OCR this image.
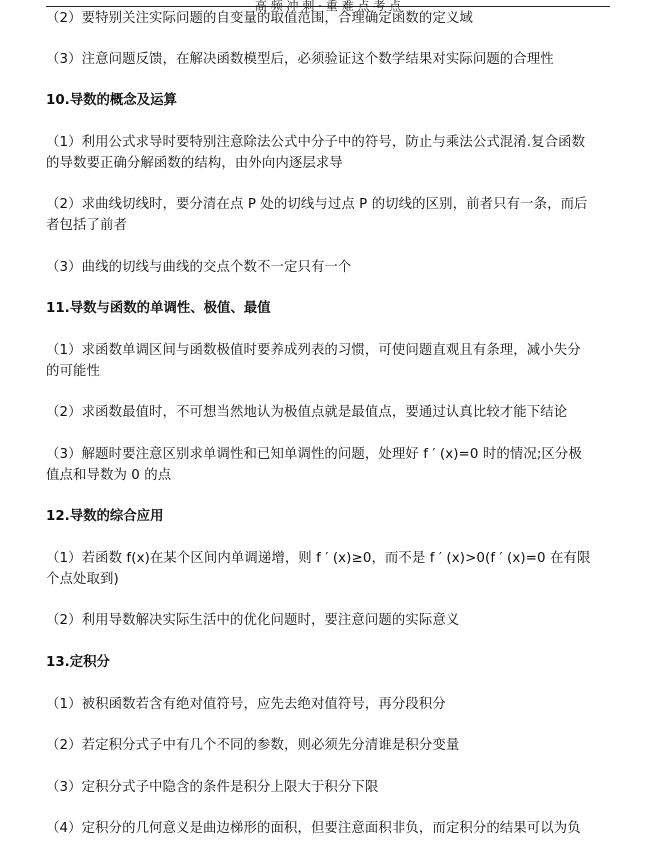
高 频 冲 刺 · 重 难 点 考 点
（2）要特别关注实际问题的自变量的取值范围，合理确定函数的定义域
（3）注意问题反馈，在解决函数模型后，必须验证这个数学结果对实际问题的合理性
10.导数的概念及运算
（1）利用公式求导时要特别注意除法公式中分子中的符号，防止与乘法公式混淆.复合函数
的导数要正确分解函数的结构，由外向内逐层求导
（2）求曲线切线时，要分清在点 P 处的切线与过点 P 的切线的区别，前者只有一条，而后
者包括了前者
（3）曲线的切线与曲线的交点个数不一定只有一个
11.导数与函数的单调性、极值、最值
（1）求函数单调区间与函数极值时要养成列表的习惯，可使问题直观且有条理，减小失分
的可能性
（2）求函数最值时，不可想当然地认为极值点就是最值点，要通过认真比较才能下结论
（3）解题时要注意区别求单调性和已知单调性的问题，处理好 f ′ (x)=0 时的情况;区分极
值点和导数为 0 的点
12.导数的综合应用
（1）若函数 f(x)在某个区间内单调递增，则 f ′ (x)≥0，而不是 f ′ (x)>0(f ′ (x)=0 在有限
个点处取到)
（2）利用导数解决实际生活中的优化问题时，要注意问题的实际意义
13.定积分
（1）被积函数若含有绝对值符号，应先去绝对值符号，再分段积分
（2）若定积分式子中有几个不同的参数，则必须先分清谁是积分变量
（3）定积分式子中隐含的条件是积分上限大于积分下限
（4）定积分的几何意义是曲边梯形的面积，但要注意面积非负，而定积分的结果可以为负
